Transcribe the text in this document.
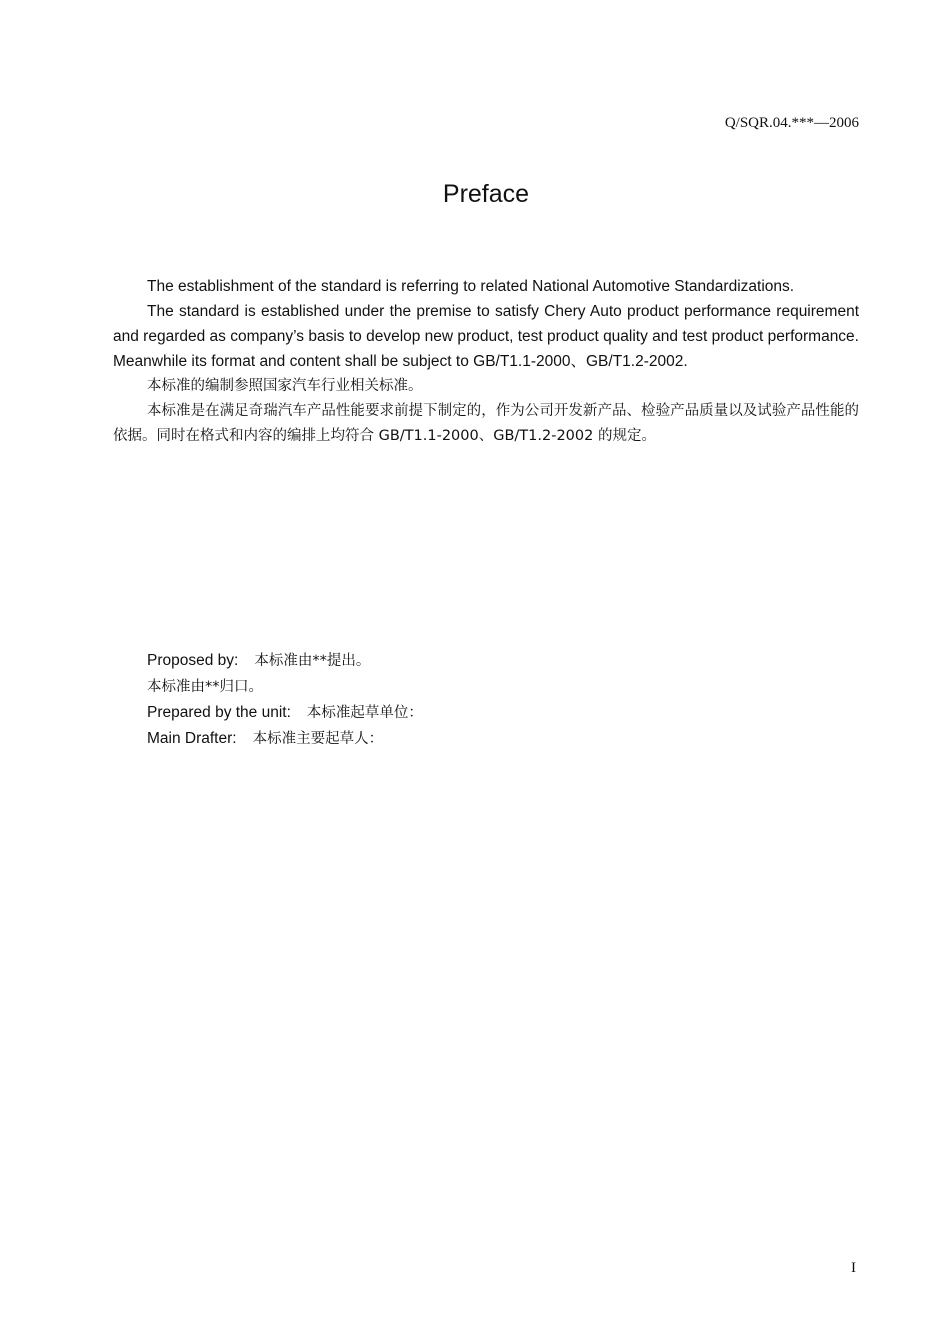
Q/SQR.04.***—2006
Preface

The establishment of the standard is referring to related National Automotive Standardizations.

The standard is established under the premise to satisfy Chery Auto product performance requirement and regarded as company’s basis to develop new product, test product quality and test product performance. Meanwhile its format and content shall be subject to GB/T1.1-2000、GB/T1.2-2002.

本标准的编制参照国家汽车行业相关标准。

本标准是在满足奇瑞汽车产品性能要求前提下制定的，作为公司开发新产品、检验产品质量以及试验产品性能的依据。同时在格式和内容的编排上均符合 GB/T1.1-2000、GB/T1.2-2002 的规定。

Proposed by: 本标准由**提出。

本标准由**归口。

Prepared by the unit: 本标准起草单位：

Main Drafter: 本标准主要起草人：

I
